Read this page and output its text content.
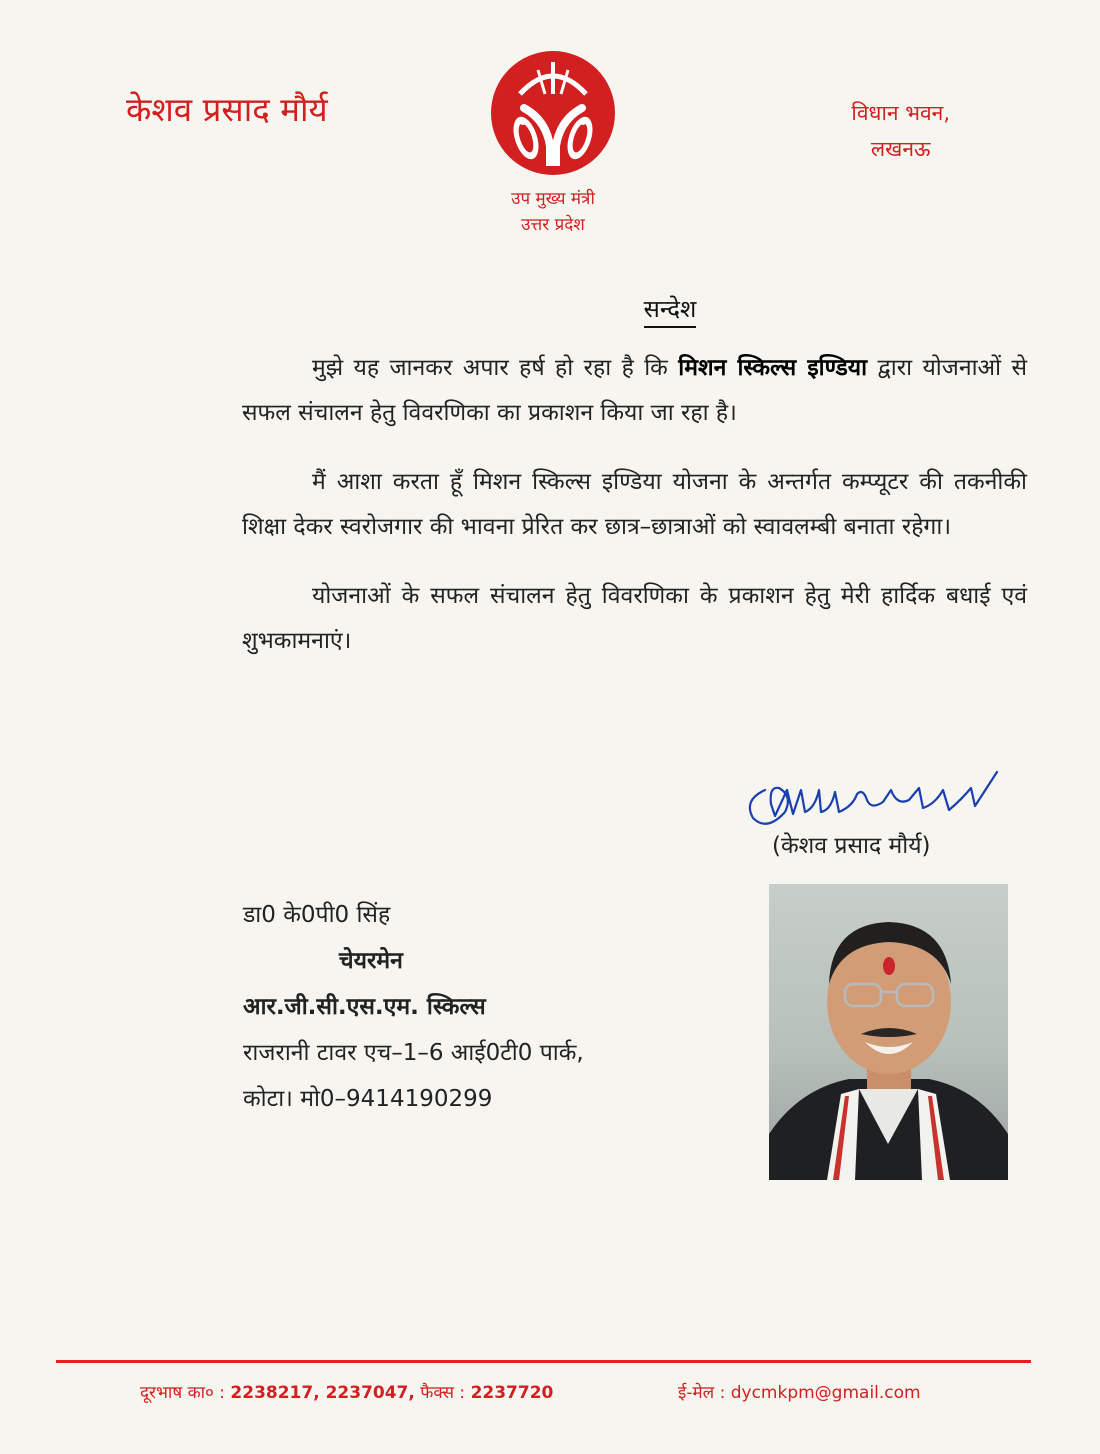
केशव प्रसाद मौर्य
उप मुख्य मंत्री
उत्तर प्रदेश
विधान भवन,
लखनऊ
सन्देश

मुझे यह जानकर अपार हर्ष हो रहा है कि मिशन स्किल्स इण्डिया द्वारा योजनाओं से सफल संचालन हेतु विवरणिका का प्रकाशन किया जा रहा है।

मैं आशा करता हूँ मिशन स्किल्स इण्डिया योजना के अन्तर्गत कम्प्यूटर की तकनीकी शिक्षा देकर स्वरोजगार की भावना प्रेरित कर छात्र–छात्राओं को स्वावलम्बी बनाता रहेगा।

योजनाओं के सफल संचालन हेतु विवरणिका के प्रकाशन हेतु मेरी हार्दिक बधाई एवं शुभकामनाएं।

(केशव प्रसाद मौर्य)
डा0 के0पी0 सिंह
चेयरमेन
आर.जी.सी.एस.एम. स्किल्स
राजरानी टावर एच–1–6 आई0टी0 पार्क,
कोटा। मो0–9414190299
दूरभाष का० : 2238217, 2237047, फैक्स : 2237720	ई-मेल : dycmkpm@gmail.com
